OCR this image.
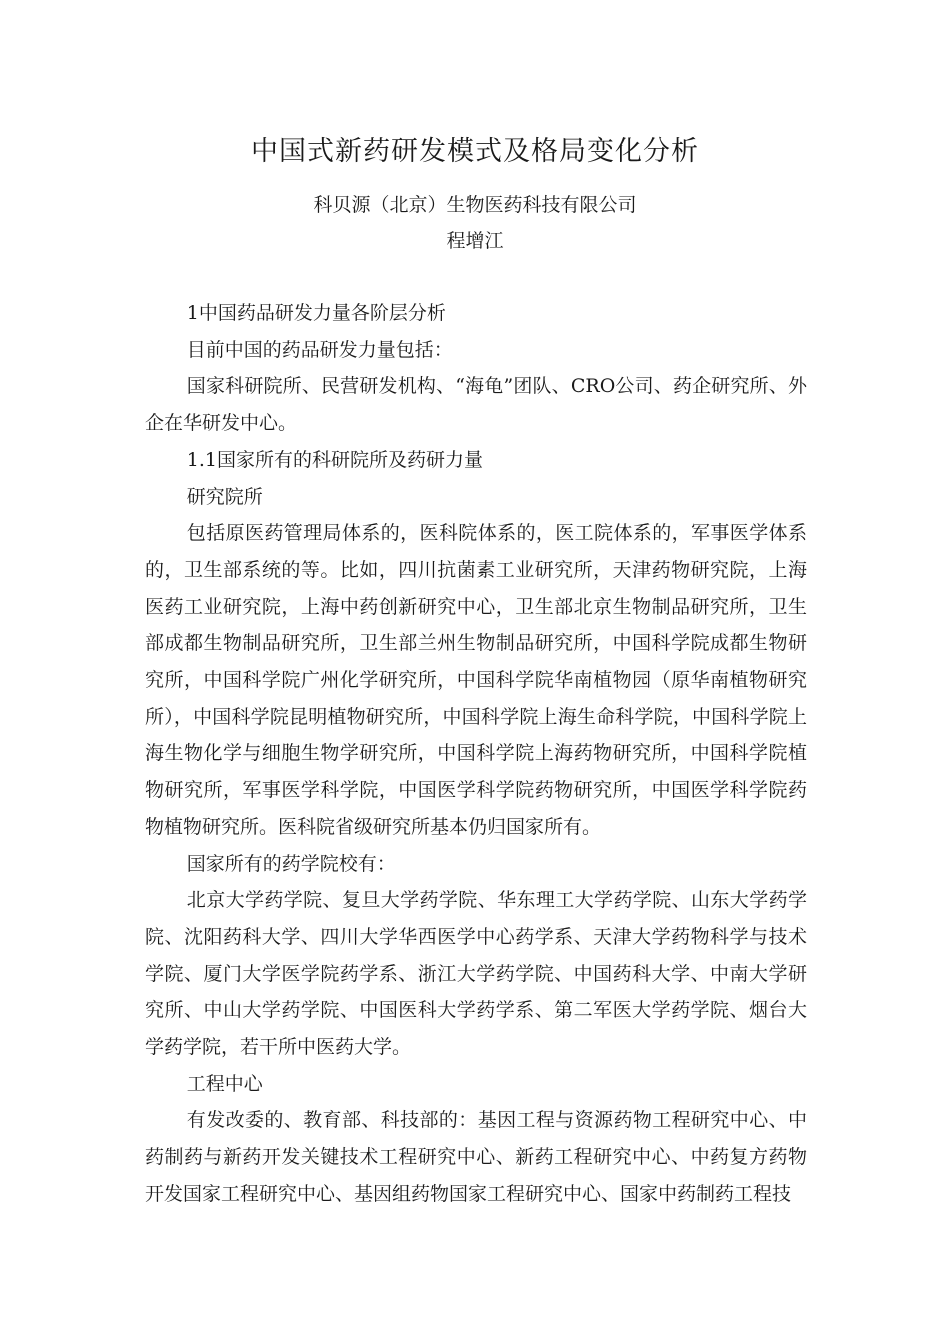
中国式新药研发模式及格局变化分析
科贝源（北京）生物医药科技有限公司
程增江

1中国药品研发力量各阶层分析

目前中国的药品研发力量包括：

国家科研院所、民营研发机构、“海龟”团队、CRO公司、药企研究所、外企在华研发中心。

1.1国家所有的科研院所及药研力量

研究院所

包括原医药管理局体系的，医科院体系的，医工院体系的，军事医学体系的，卫生部系统的等。比如，四川抗菌素工业研究所，天津药物研究院，上海医药工业研究院，上海中药创新研究中心，卫生部北京生物制品研究所，卫生部成都生物制品研究所，卫生部兰州生物制品研究所，中国科学院成都生物研究所，中国科学院广州化学研究所，中国科学院华南植物园（原华南植物研究所），中国科学院昆明植物研究所，中国科学院上海生命科学院，中国科学院上海生物化学与细胞生物学研究所，中国科学院上海药物研究所，中国科学院植物研究所，军事医学科学院，中国医学科学院药物研究所，中国医学科学院药物植物研究所。医科院省级研究所基本仍归国家所有。

国家所有的药学院校有：

北京大学药学院、复旦大学药学院、华东理工大学药学院、山东大学药学院、沈阳药科大学、四川大学华西医学中心药学系、天津大学药物科学与技术学院、厦门大学医学院药学系、浙江大学药学院、中国药科大学、中南大学研究所、中山大学药学院、中国医科大学药学系、第二军医大学药学院、烟台大学药学院，若干所中医药大学。

工程中心

有发改委的、教育部、科技部的：基因工程与资源药物工程研究中心、中药制药与新药开发关键技术工程研究中心、新药工程研究中心、中药复方药物开发国家工程研究中心、基因组药物国家工程研究中心、国家中药制药工程技
